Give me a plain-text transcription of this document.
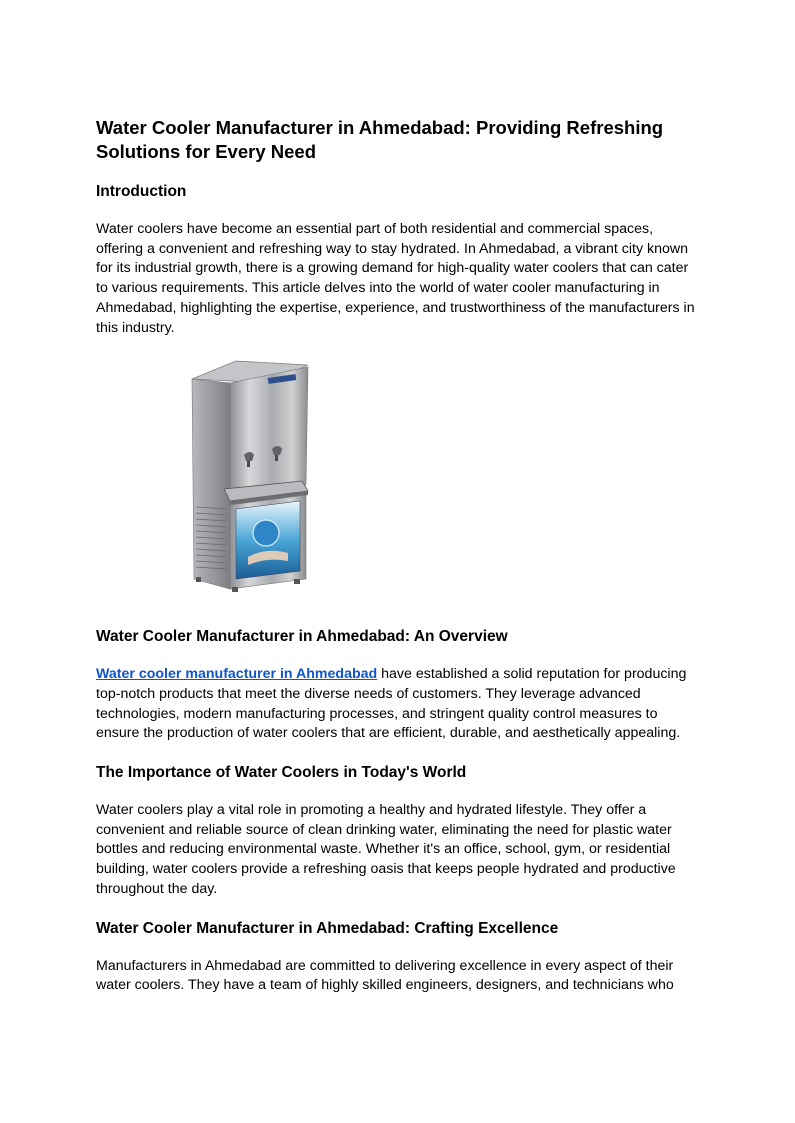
Water Cooler Manufacturer in Ahmedabad: Providing Refreshing Solutions for Every Need
Introduction

Water coolers have become an essential part of both residential and commercial spaces, offering a convenient and refreshing way to stay hydrated. In Ahmedabad, a vibrant city known for its industrial growth, there is a growing demand for high-quality water coolers that can cater to various requirements. This article delves into the world of water cooler manufacturing in Ahmedabad, highlighting the expertise, experience, and trustworthiness of the manufacturers in this industry.

Water Cooler Manufacturer in Ahmedabad: An Overview

Water cooler manufacturer in Ahmedabad have established a solid reputation for producing top-notch products that meet the diverse needs of customers. They leverage advanced technologies, modern manufacturing processes, and stringent quality control measures to ensure the production of water coolers that are efficient, durable, and aesthetically appealing.

The Importance of Water Coolers in Today's World

Water coolers play a vital role in promoting a healthy and hydrated lifestyle. They offer a convenient and reliable source of clean drinking water, eliminating the need for plastic water bottles and reducing environmental waste. Whether it's an office, school, gym, or residential building, water coolers provide a refreshing oasis that keeps people hydrated and productive throughout the day.

Water Cooler Manufacturer in Ahmedabad: Crafting Excellence

Manufacturers in Ahmedabad are committed to delivering excellence in every aspect of their water coolers. They have a team of highly skilled engineers, designers, and technicians who
